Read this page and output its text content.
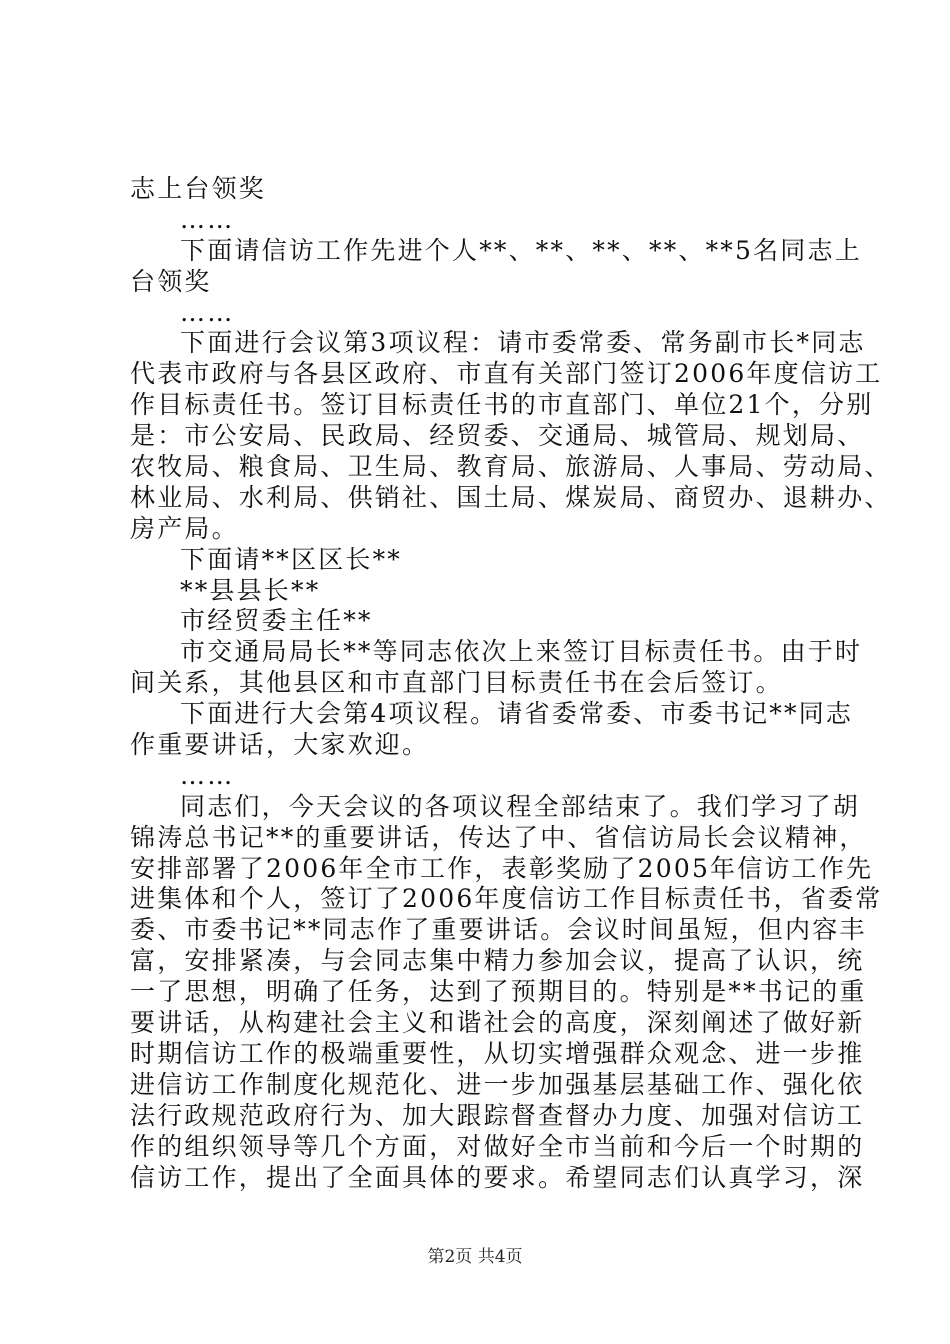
志上台领奖
……
下面请信访工作先进个人**、**、**、**、**5名同志上
台领奖
……
下面进行会议第3项议程：请市委常委、常务副市长*同志
代表市政府与各县区政府、市直有关部门签订2006年度信访工
作目标责任书。签订目标责任书的市直部门、单位21个，分别
是：市公安局、民政局、经贸委、交通局、城管局、规划局、
农牧局、粮食局、卫生局、教育局、旅游局、人事局、劳动局、
林业局、水利局、供销社、国土局、煤炭局、商贸办、退耕办、
房产局。
下面请**区区长**
**县县长**
市经贸委主任**
市交通局局长**等同志依次上来签订目标责任书。由于时
间关系，其他县区和市直部门目标责任书在会后签订。
下面进行大会第4项议程。请省委常委、市委书记**同志
作重要讲话，大家欢迎。
……
同志们，今天会议的各项议程全部结束了。我们学习了胡
锦涛总书记**的重要讲话，传达了中、省信访局长会议精神，
安排部署了2006年全市工作，表彰奖励了2005年信访工作先
进集体和个人，签订了2006年度信访工作目标责任书，省委常
委、市委书记**同志作了重要讲话。会议时间虽短，但内容丰
富，安排紧凑，与会同志集中精力参加会议，提高了认识，统
一了思想，明确了任务，达到了预期目的。特别是**书记的重
要讲话，从构建社会主义和谐社会的高度，深刻阐述了做好新
时期信访工作的极端重要性，从切实增强群众观念、进一步推
进信访工作制度化规范化、进一步加强基层基础工作、强化依
法行政规范政府行为、加大跟踪督查督办力度、加强对信访工
作的组织领导等几个方面，对做好全市当前和今后一个时期的
信访工作，提出了全面具体的要求。希望同志们认真学习，深
第2页 共4页
